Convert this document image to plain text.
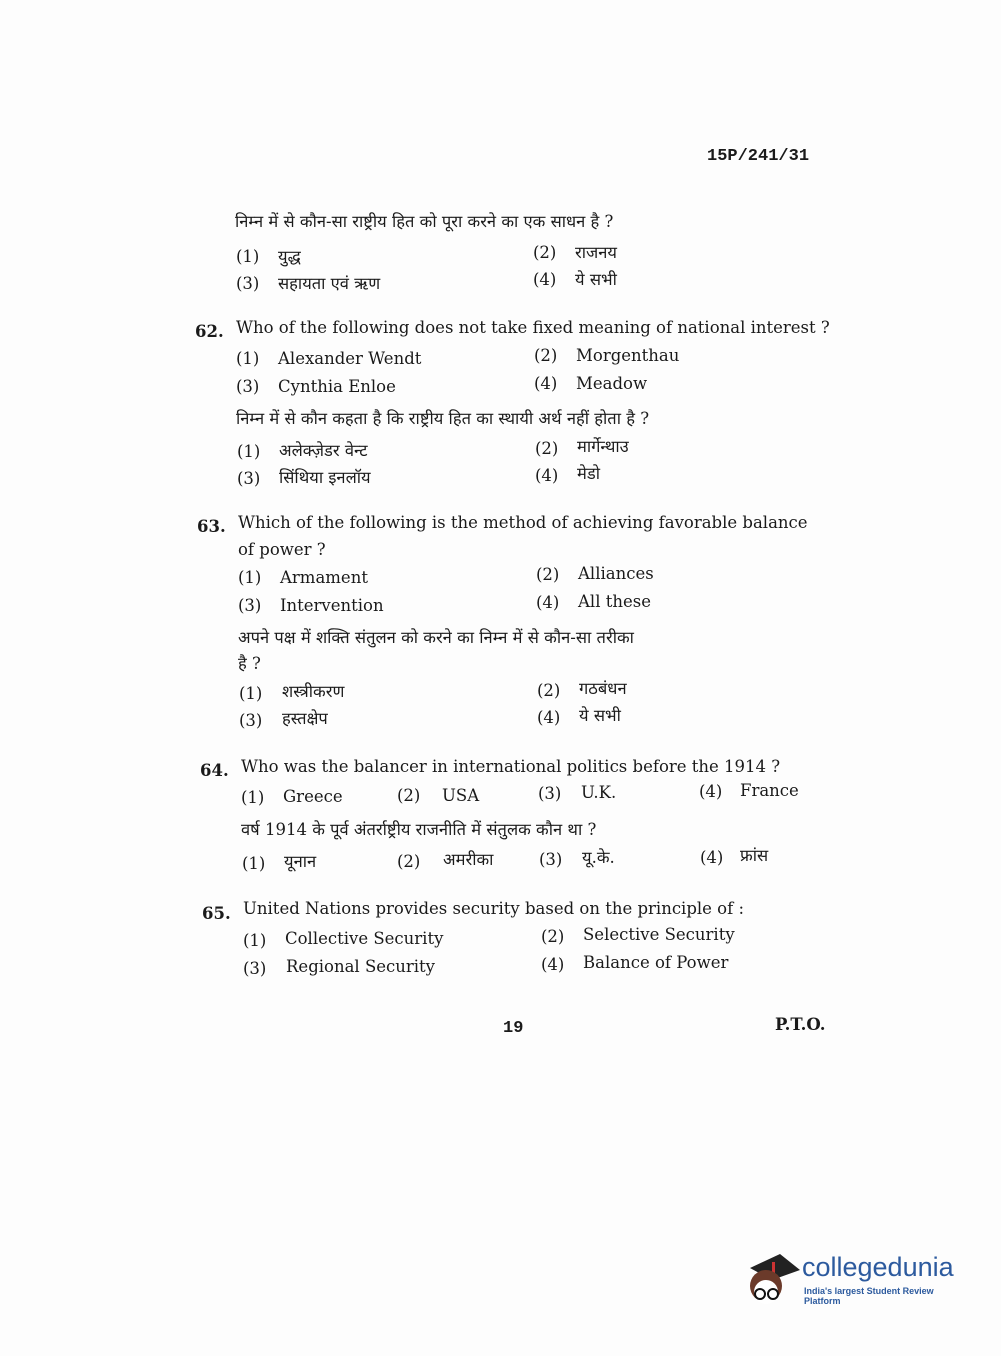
15P/241/31
निम्न में से कौन-सा राष्ट्रीय हित को पूरा करने का एक साधन है ?
(1) युद्ध	(2) राजनय
(3) सहायता एवं ऋण	(4) ये सभी
62. Who of the following does not take fixed meaning of national interest ?
(1) Alexander Wendt	(2) Morgenthau
(3) Cynthia Enloe	(4) Meadow
निम्न में से कौन कहता है कि राष्ट्रीय हित का स्थायी अर्थ नहीं होता है ?
(1) अलेक्ज़ेडर वेन्ट	(2) मार्गेन्थाउ
(3) सिंथिया इनलॉय	(4) मेडो
63. Which of the following is the method of achieving favorable balance
of power ?
(1) Armament	(2) Alliances
(3) Intervention	(4) All these
अपने पक्ष में शक्ति संतुलन को करने का निम्न में से कौन-सा तरीका
है ?
(1) शस्त्रीकरण	(2) गठबंधन
(3) हस्तक्षेप	(4) ये सभी
64. Who was the balancer in international politics before the 1914 ?
(1) Greece	(2) USA	(3) U.K.	(4) France
वर्ष 1914 के पूर्व अंतर्राष्ट्रीय राजनीति में संतुलक कौन था ?
(1) यूनान	(2) अमरीका	(3) यू.के.	(4) फ्रांस
65. United Nations provides security based on the principle of :
(1) Collective Security	(2) Selective Security
(3) Regional Security	(4) Balance of Power
19	P.T.O.
collegedunia
India's largest Student Review Platform
